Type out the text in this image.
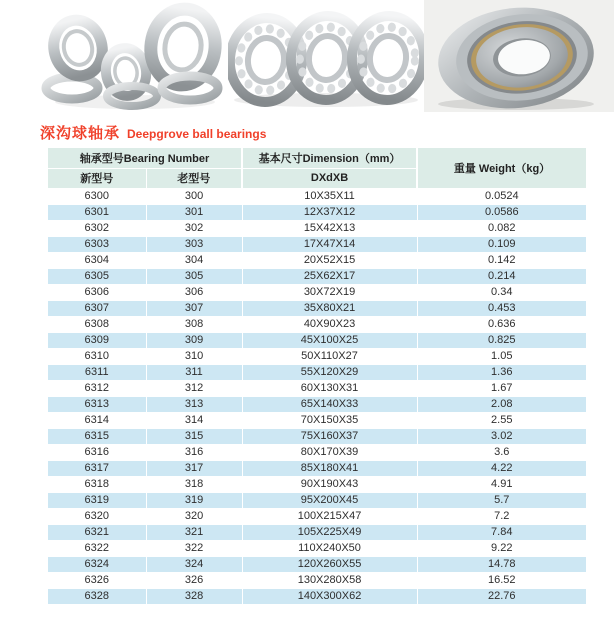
深沟球轴承 Deepgrove ball bearings
轴承型号Bearing Number		基本尺寸Dimension（mm）	重量 Weight（kg）
新型号	老型号	DXdXB	
6300	300	10X35X11	0.0524
6301	301	12X37X12	0.0586
6302	302	15X42X13	0.082
6303	303	17X47X14	0.109
6304	304	20X52X15	0.142
6305	305	25X62X17	0.214
6306	306	30X72X19	0.34
6307	307	35X80X21	0.453
6308	308	40X90X23	0.636
6309	309	45X100X25	0.825
6310	310	50X110X27	1.05
6311	311	55X120X29	1.36
6312	312	60X130X31	1.67
6313	313	65X140X33	2.08
6314	314	70X150X35	2.55
6315	315	75X160X37	3.02
6316	316	80X170X39	3.6
6317	317	85X180X41	4.22
6318	318	90X190X43	4.91
6319	319	95X200X45	5.7
6320	320	100X215X47	7.2
6321	321	105X225X49	7.84
6322	322	110X240X50	9.22
6324	324	120X260X55	14.78
6326	326	130X280X58	16.52
6328	328	140X300X62	22.76
